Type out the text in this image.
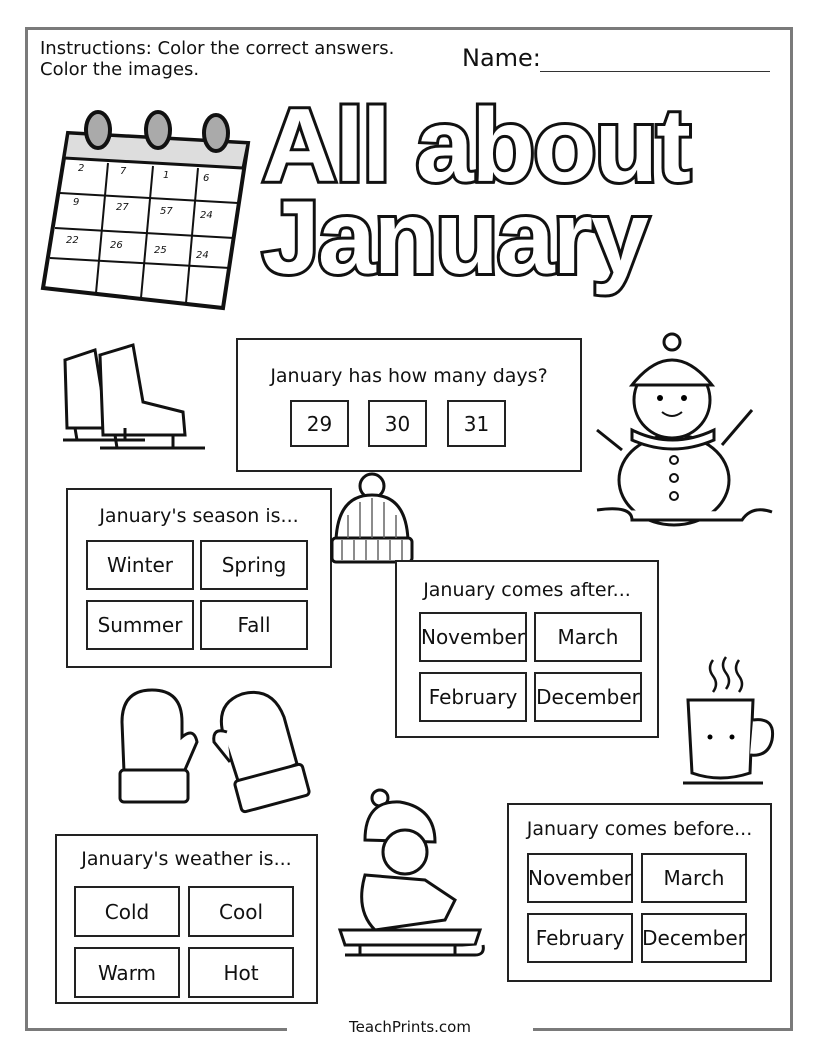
Instructions: Color the correct answers. Color the images.	Name:
All about
January
2	7	1	6
9	27	57	24
22	26	25	24
January has how many days?
29	30	31
January's season is...
Winter	Spring
Summer	Fall
January comes after...
November	March
February December
January's weather is...
Cold	Cool
Warm	Hot
January comes before...
November	March
February December
TeachPrints.com
